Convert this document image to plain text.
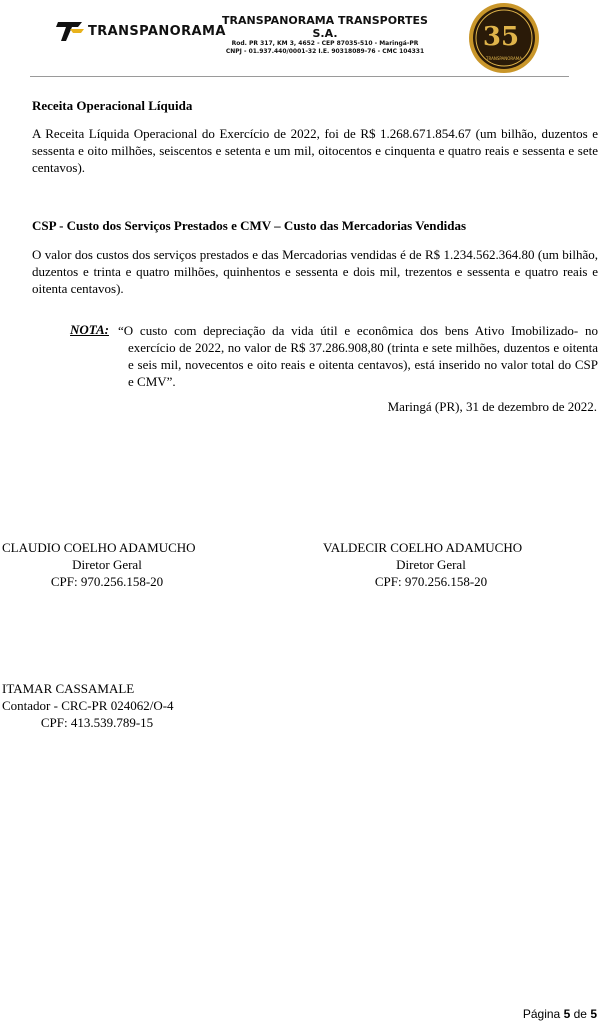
TRANSPANORAMA
TRANSPANORAMA TRANSPORTES S.A.
Rod. PR 317, KM 3, 4652 - CEP 87035-510 - Maringá-PR
CNPJ - 01.937.440/0001-32 I.E. 90318089-76 - CMC 104331 35
TRANSPANORAMA
Receita Operacional Líquida
A Receita Líquida Operacional do Exercício de 2022, foi de R$ 1.268.671.854.67 (um bilhão, duzentos e sessenta e oito milhões, seiscentos e setenta e um mil, oitocentos e cinquenta e quatro reais e sessenta e sete centavos).
CSP - Custo dos Serviços Prestados e CMV – Custo das Mercadorias Vendidas
O valor dos custos dos serviços prestados e das Mercadorias vendidas é de R$ 1.234.562.364.80 (um bilhão, duzentos e trinta e quatro milhões, quinhentos e sessenta e dois mil, trezentos e sessenta e quatro reais e oitenta centavos).
NOTA: “O custo com depreciação da vida útil e econômica dos bens Ativo Imobilizado- no exercício de 2022, no valor de R$ 37.286.908,80 (trinta e sete milhões, duzentos e oitenta e seis mil, novecentos e oito reais e oitenta centavos), está inserido no valor total do CSP e CMV”.
Maringá (PR), 31 de dezembro de 2022.
CLAUDIO COELHO ADAMUCHO
Diretor Geral
CPF: 970.256.158-20
VALDECIR COELHO ADAMUCHO
Diretor Geral
CPF: 970.256.158-20
ITAMAR CASSAMALE
Contador - CRC-PR 024062/O-4
CPF: 413.539.789-15
Página 5 de 5
